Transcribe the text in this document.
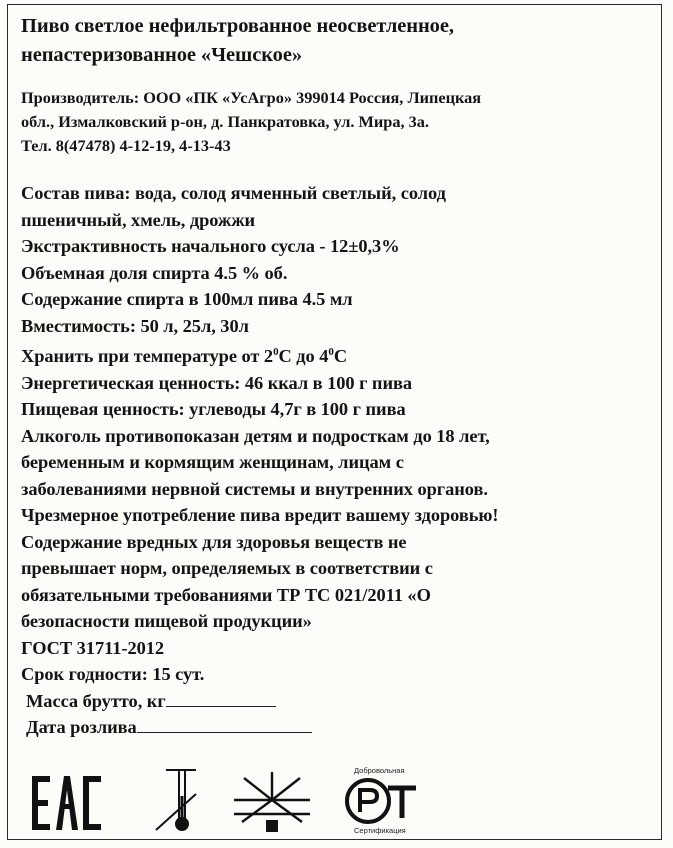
Пиво светлое нефильтрованное неосветленное,
непастеризованное «Чешское»
Производитель: ООО «ПК «УсАгро» 399014 Россия, Липецкая
обл., Измалковский р-он, д. Панкратовка, ул. Мира, 3а.
Тел. 8(47478) 4-12-19, 4-13-43
Состав пива: вода, солод ячменный светлый, солод
пшеничный, хмель, дрожжи
Экстрактивность начального сусла - 12±0,3%
Объемная доля спирта 4.5 % об.
Содержание спирта в 100мл пива 4.5 мл
Вместимость: 50 л, 25л, 30л
Хранить при температуре от $2^0С$ до $4^0С$
Энергетическая ценность: 46 ккал в 100 г пива
Пищевая ценность: углеводы 4,7г в 100 г пива
Алкоголь противопоказан детям и подросткам до 18 лет,
беременным и кормящим женщинам, лицам с
заболеваниями нервной системы и внутренних органов.
Чрезмерное употребление пива вредит вашему здоровью!
Содержание вредных для здоровья веществ не
превышает норм, определяемых в соответствии с
обязательными требованиями ТР ТС 021/2011 «О
безопасности пищевой продукции»
ГОСТ 31711-2012
Срок годности: 15 сут.
Масса брутто, кг
Дата розлива
Добровольная
Сертификация
